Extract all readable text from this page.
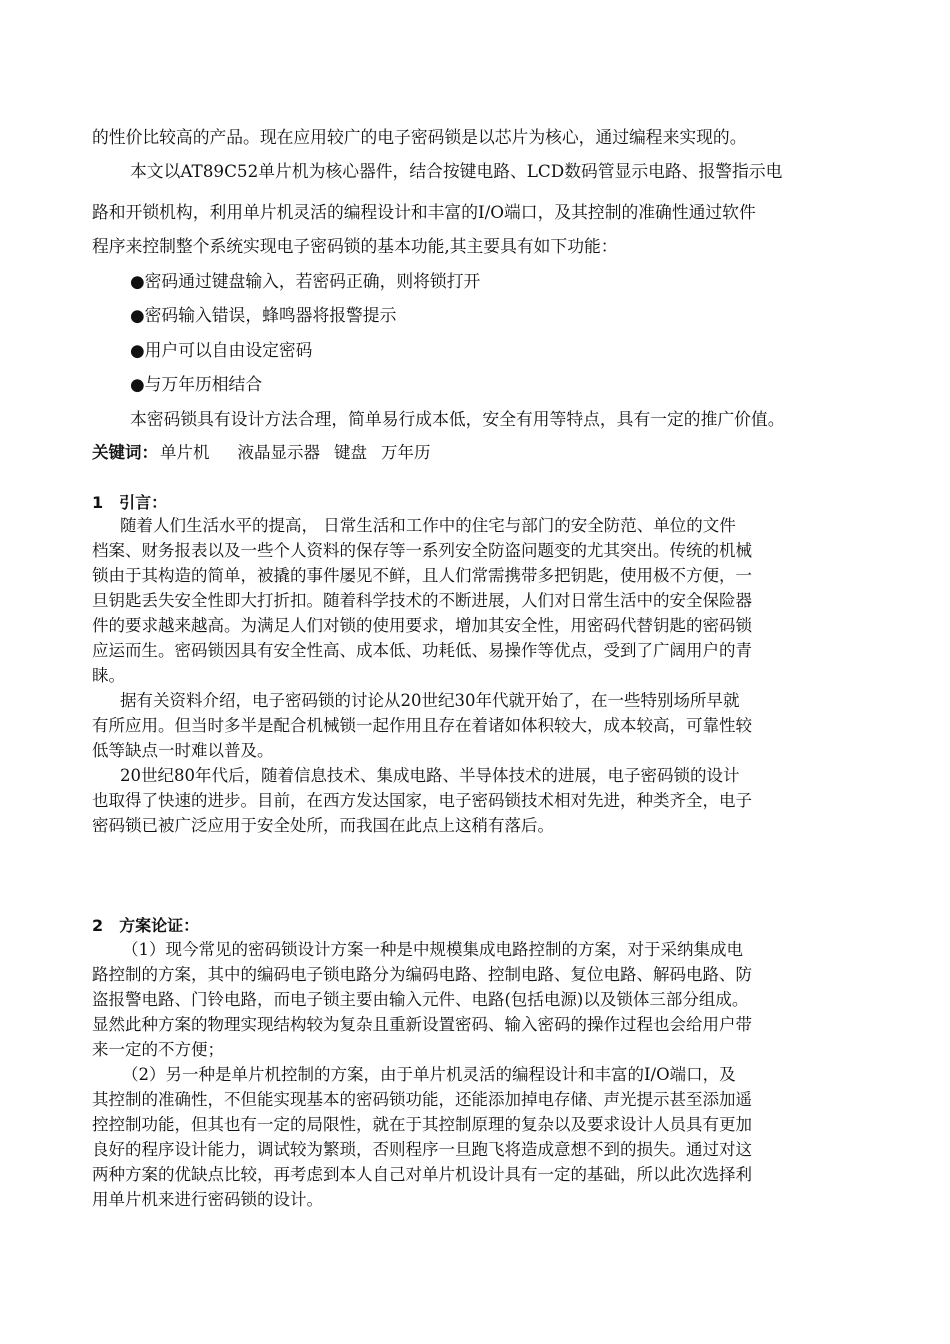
的性价比较高的产品。现在应用较广的电子密码锁是以芯片为核心，通过编程来实现的。
本文以AT89C52单片机为核心器件，结合按键电路、LCD数码管显示电路、报警指示电
路和开锁机构，利用单片机灵活的编程设计和丰富的I/O端口，及其控制的准确性通过软件
程序来控制整个系统实现电子密码锁的基本功能,其主要具有如下功能：
●密码通过键盘输入，若密码正确，则将锁打开
●密码输入错误，蜂鸣器将报警提示
●用户可以自由设定密码
●与万年历相结合
本密码锁具有设计方法合理，简单易行成本低，安全有用等特点，具有一定的推广价值。
关键词： 单片机 液晶显示器 键盘 万年历
1　引言：
随着人们生活水平的提高， 日常生活和工作中的住宅与部门的安全防范、单位的文件
档案、财务报表以及一些个人资料的保存等一系列安全防盗问题变的尤其突出。传统的机械
锁由于其构造的简单，被撬的事件屡见不鲜，且人们常需携带多把钥匙，使用极不方便，一
旦钥匙丢失安全性即大打折扣。随着科学技术的不断进展，人们对日常生活中的安全保险器
件的要求越来越高。为满足人们对锁的使用要求，增加其安全性，用密码代替钥匙的密码锁
应运而生。密码锁因具有安全性高、成本低、功耗低、易操作等优点，受到了广阔用户的青
睐。
据有关资料介绍，电子密码锁的讨论从20世纪30年代就开始了，在一些特别场所早就
有所应用。但当时多半是配合机械锁一起作用且存在着诸如体积较大，成本较高，可靠性较
低等缺点一时难以普及。
20世纪80年代后，随着信息技术、集成电路、半导体技术的进展，电子密码锁的设计
也取得了快速的进步。目前，在西方发达国家，电子密码锁技术相对先进，种类齐全，电子
密码锁已被广泛应用于安全处所，而我国在此点上这稍有落后。
2　方案论证：
（1）现今常见的密码锁设计方案一种是中规模集成电路控制的方案，对于采纳集成电
路控制的方案，其中的编码电子锁电路分为编码电路、控制电路、复位电路、解码电路、防
盗报警电路、门铃电路，而电子锁主要由输入元件、电路(包括电源)以及锁体三部分组成。
显然此种方案的物理实现结构较为复杂且重新设置密码、输入密码的操作过程也会给用户带
来一定的不方便；
（2）另一种是单片机控制的方案，由于单片机灵活的编程设计和丰富的I/O端口，及
其控制的准确性，不但能实现基本的密码锁功能，还能添加掉电存储、声光提示甚至添加遥
控控制功能，但其也有一定的局限性，就在于其控制原理的复杂以及要求设计人员具有更加
良好的程序设计能力，调试较为繁琐，否则程序一旦跑飞将造成意想不到的损失。通过对这
两种方案的优缺点比较，再考虑到本人自己对单片机设计具有一定的基础，所以此次选择利
用单片机来进行密码锁的设计。
